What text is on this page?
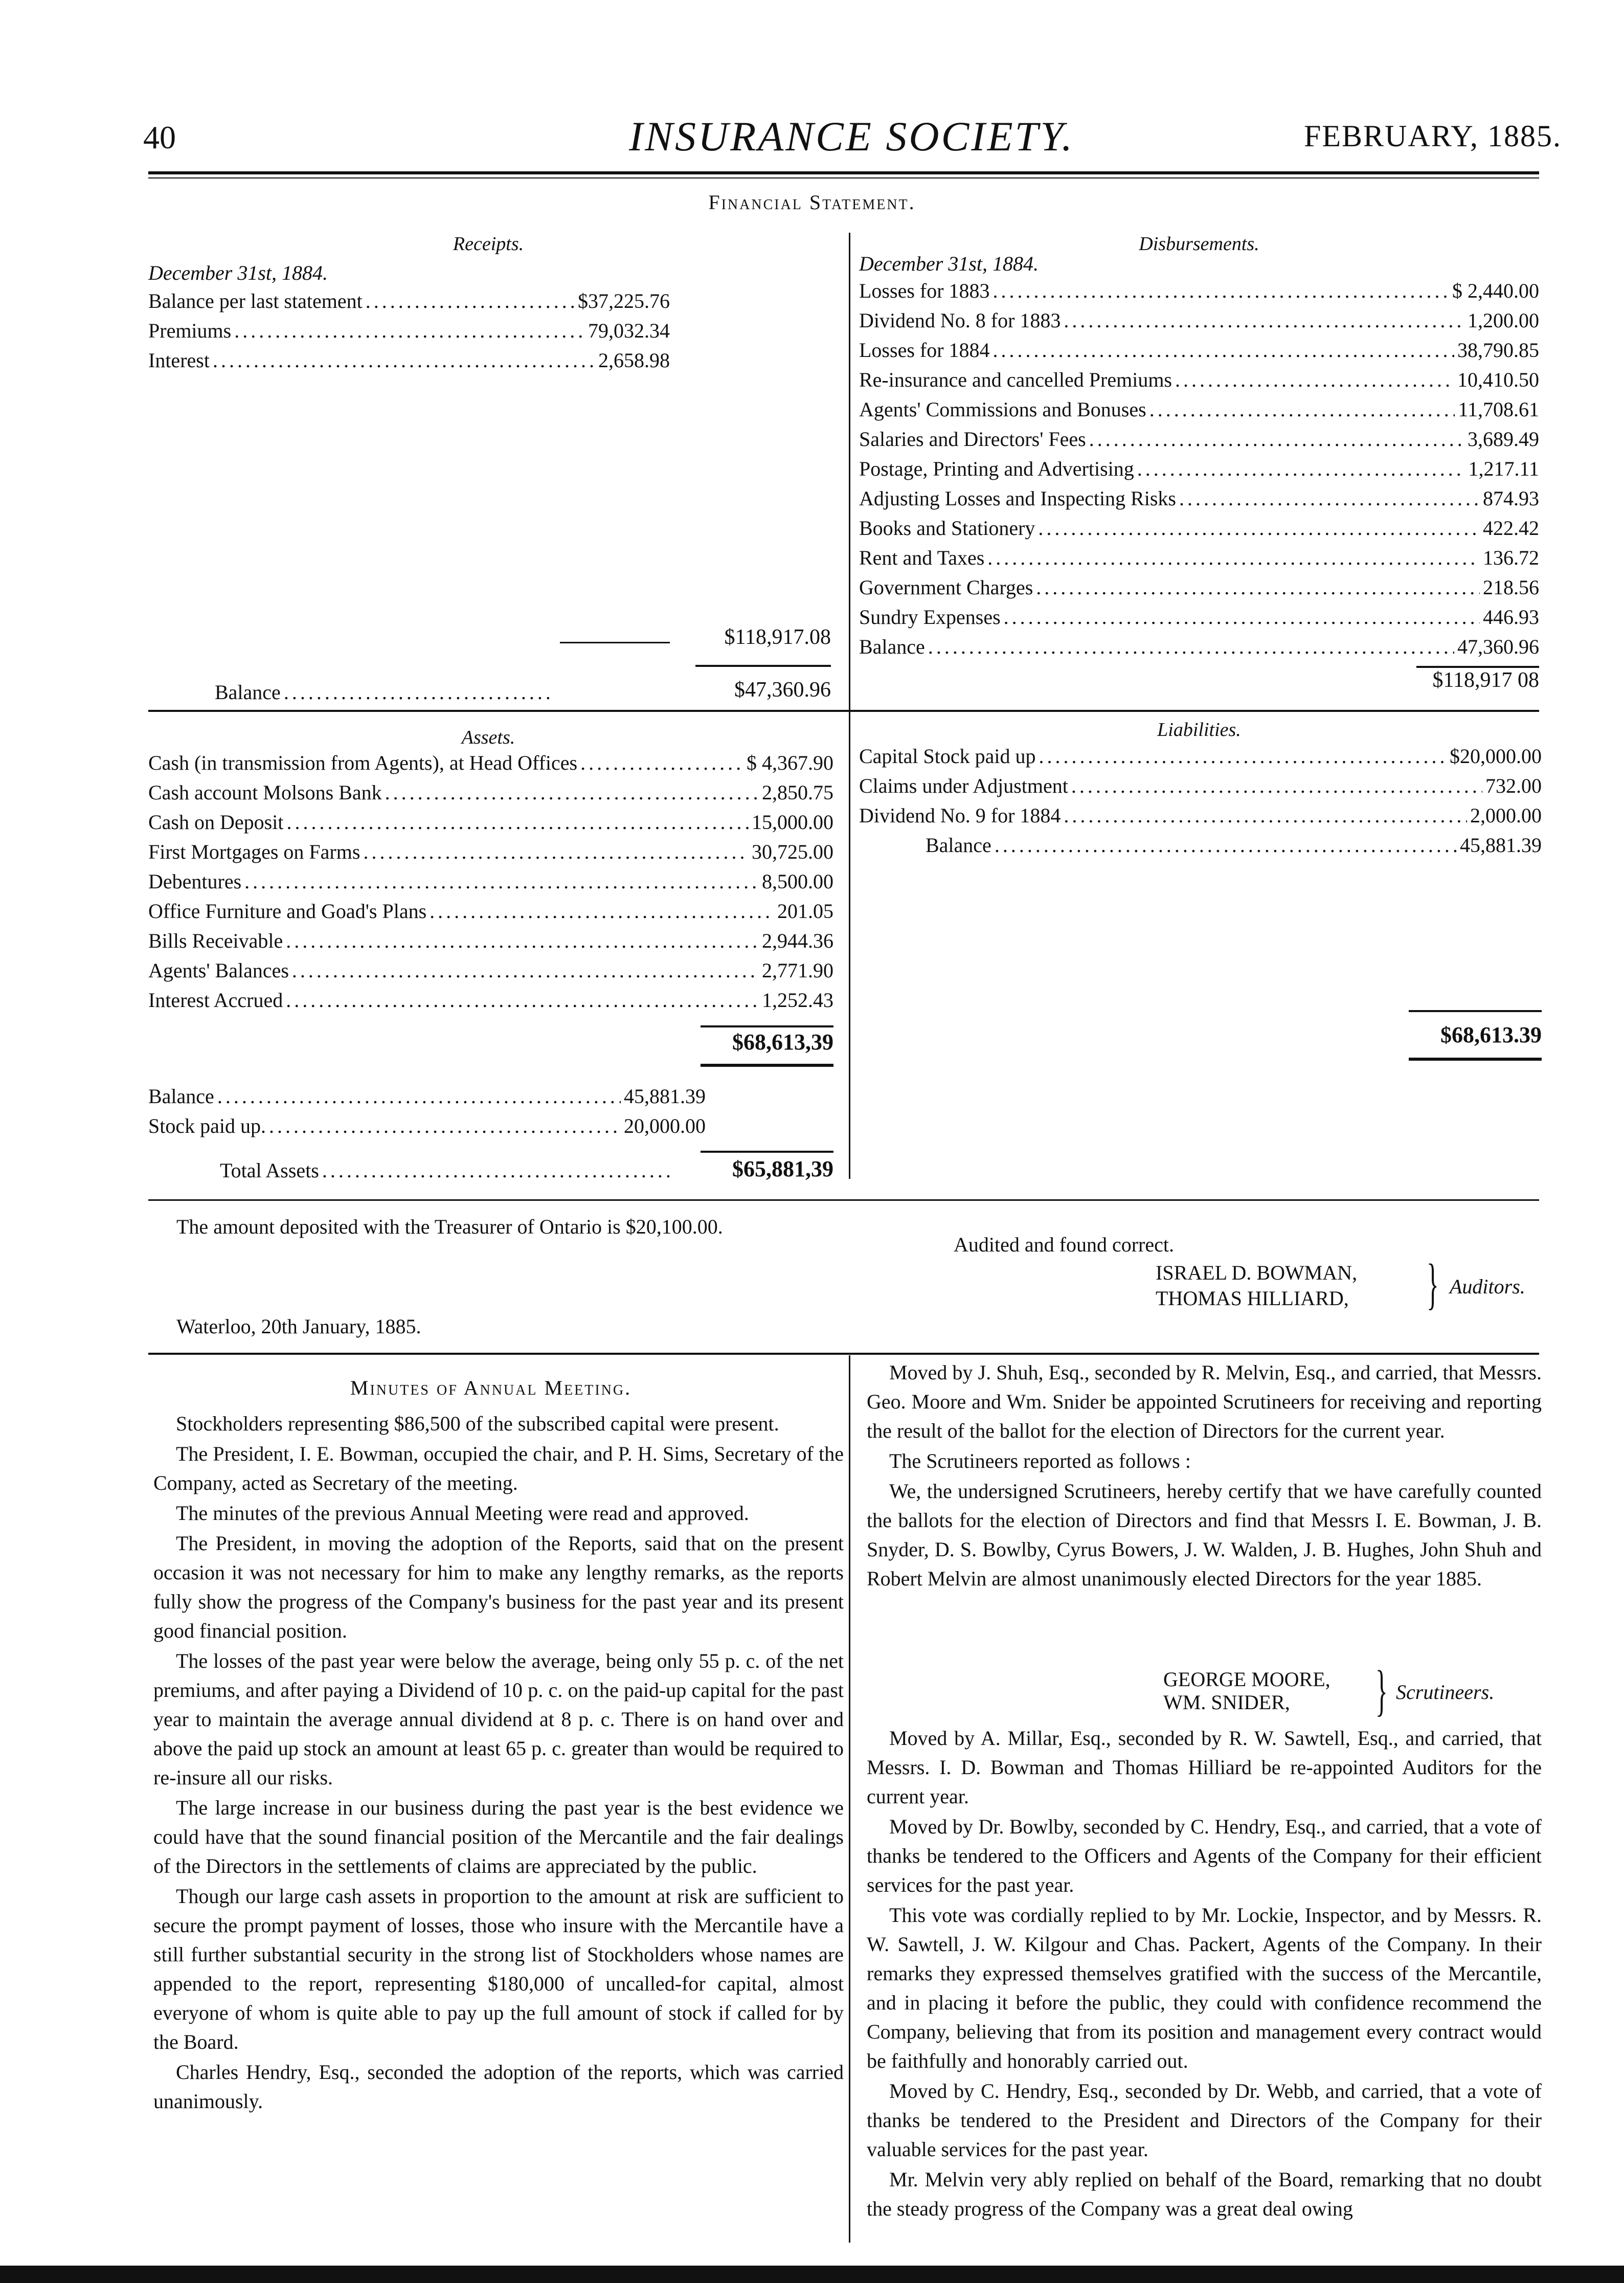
40	INSURANCE SOCIETY.	FEBRUARY, 1885.
Financial Statement.
Receipts.
December 31st, 1884.
Balance per last statement .....	$37,225.76
Premiums .....	79,032.34
Interest .....	2,658.98
$118,917.08
Balance .....	$47,360.96
Disbursements.
December 31st, 1884.
Losses for 1883 .....	$ 2,440.00
Dividend No. 8 for 1883 .....	1,200.00
Losses for 1884 .....	38,790.85
Re-insurance and cancelled Premiums .....	10,410.50
Agents' Commissions and Bonuses .....	11,708.61
Salaries and Directors' Fees .....	3,689.49
Postage, Printing and Advertising .....	1,217.11
Adjusting Losses and Inspecting Risks .....	874.93
Books and Stationery .....	422.42
Rent and Taxes .....	136.72
Government Charges .....	218.56
Sundry Expenses .....	446.93
Balance .....	47,360.96
$118,917 08
Assets.
Cash (in transmission from Agents), at Head Offices .....	$ 4,367.90
Cash account Molsons Bank .....	2,850.75
Cash on Deposit .....	15,000.00
First Mortgages on Farms .....	30,725.00
Debentures .....	8,500.00
Office Furniture and Goad's Plans .....	201.05
Bills Receivable .....	2,944.36
Agents' Balances .....	2,771.90
Interest Accrued .....	1,252.43
$68,613,39
Balance .....	45,881.39
Stock paid up. .....	20,000.00
Total Assets .....	$65,881,39
Liabilities.
Capital Stock paid up .....	$20,000.00
Claims under Adjustment .....	732.00
Dividend No. 9 for 1884 .....	2,000.00
Balance .....	45,881.39
$68,613.39
The amount deposited with the Treasurer of Ontario is $20,100.00.
Audited and found correct.
ISRAEL D. BOWMAN,
THOMAS HILLIARD, } Auditors.
Waterloo, 20th January, 1885.
Minutes of Annual Meeting.
Stockholders representing $86,500 of the subscribed capital were present.
The President, I. E. Bowman, occupied the chair, and P. H. Sims, Secretary of the Company, acted as Secretary of the meeting.
The minutes of the previous Annual Meeting were read and approved.
The President, in moving the adoption of the Reports, said that on the present occasion it was not necessary for him to make any lengthy remarks, as the reports fully show the progress of the Company's business for the past year and its present good financial position.
The losses of the past year were below the average, being only 55 p. c. of the net premiums, and after paying a Dividend of 10 p. c. on the paid-up capital for the past year to maintain the average annual dividend at 8 p. c. There is on hand over and above the paid up stock an amount at least 65 p. c. greater than would be required to re-insure all our risks.
The large increase in our business during the past year is the best evidence we could have that the sound financial position of the Mercantile and the fair dealings of the Directors in the settlements of claims are appreciated by the public.
Though our large cash assets in proportion to the amount at risk are sufficient to secure the prompt payment of losses, those who insure with the Mercantile have a still further substantial security in the strong list of Stockholders whose names are appended to the report, representing $180,000 of uncalled-for capital, almost everyone of whom is quite able to pay up the full amount of stock if called for by the Board.
Charles Hendry, Esq., seconded the adoption of the reports, which was carried unanimously.
Moved by J. Shuh, Esq., seconded by R. Melvin, Esq., and carried, that Messrs. Geo. Moore and Wm. Snider be appointed Scrutineers for receiving and reporting the result of the ballot for the election of Directors for the current year.
The Scrutineers reported as follows :
We, the undersigned Scrutineers, hereby certify that we have carefully counted the ballots for the election of Directors and find that Messrs I. E. Bowman, J. B. Snyder, D. S. Bowlby, Cyrus Bowers, J. W. Walden, J. B. Hughes, John Shuh and Robert Melvin are almost unanimously elected Directors for the year 1885.
GEORGE MOORE,
WM. SNIDER, } Scrutineers.
Moved by A. Millar, Esq., seconded by R. W. Sawtell, Esq., and carried, that Messrs. I. D. Bowman and Thomas Hilliard be re-appointed Auditors for the current year.
Moved by Dr. Bowlby, seconded by C. Hendry, Esq., and carried, that a vote of thanks be tendered to the Officers and Agents of the Company for their efficient services for the past year.
This vote was cordially replied to by Mr. Lockie, Inspector, and by Messrs. R. W. Sawtell, J. W. Kilgour and Chas. Packert, Agents of the Company. In their remarks they expressed themselves gratified with the success of the Mercantile, and in placing it before the public, they could with confidence recommend the Company, believing that from its position and management every contract would be faithfully and honorably carried out.
Moved by C. Hendry, Esq., seconded by Dr. Webb, and carried, that a vote of thanks be tendered to the President and Directors of the Company for their valuable services for the past year.
Mr. Melvin very ably replied on behalf of the Board, remarking that no doubt the steady progress of the Company was a great deal owing
